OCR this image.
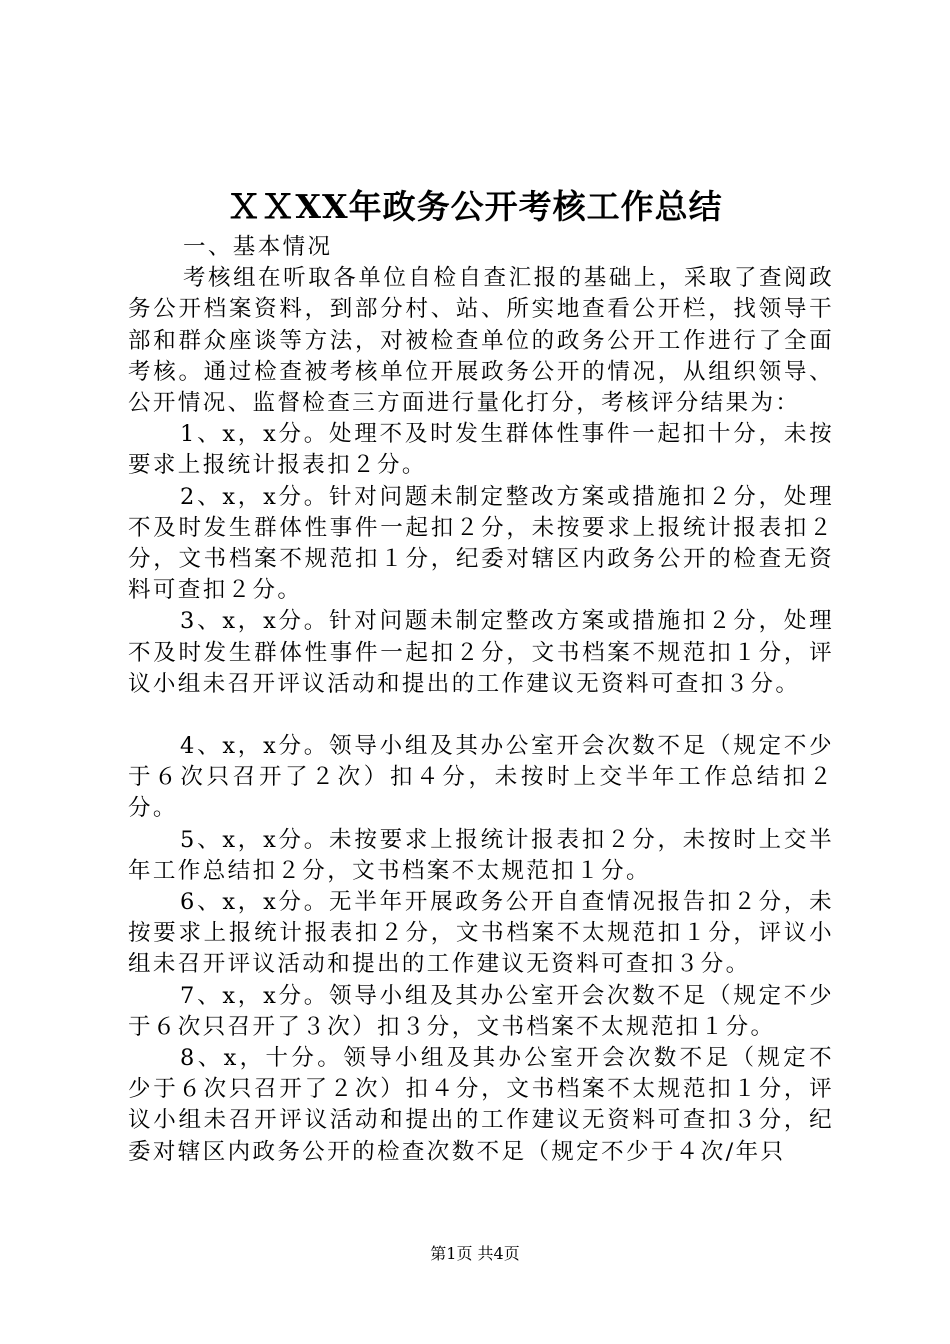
ＸＸXX年政务公开考核工作总结

一、基本情况

考核组在听取各单位自检自查汇报的基础上，采取了查阅政务公开档案资料，到部分村、站、所实地查看公开栏，找领导干部和群众座谈等方法，对被检查单位的政务公开工作进行了全面考核。通过检查被考核单位开展政务公开的情况，从组织领导、公开情况、监督检查三方面进行量化打分，考核评分结果为：

1、x，x分。处理不及时发生群体性事件一起扣十分，未按要求上报统计报表扣２分。

2、x，x分。针对问题未制定整改方案或措施扣２分，处理不及时发生群体性事件一起扣２分，未按要求上报统计报表扣２分，文书档案不规范扣１分，纪委对辖区内政务公开的检查无资料可查扣２分。

3、x，x分。针对问题未制定整改方案或措施扣２分，处理不及时发生群体性事件一起扣２分，文书档案不规范扣１分，评议小组未召开评议活动和提出的工作建议无资料可查扣３分。

4、x，x分。领导小组及其办公室开会次数不足（规定不少于６次只召开了２次）扣４分，未按时上交半年工作总结扣２分。

5、x，x分。未按要求上报统计报表扣２分，未按时上交半年工作总结扣２分，文书档案不太规范扣１分。

6、x，x分。无半年开展政务公开自查情况报告扣２分，未按要求上报统计报表扣２分，文书档案不太规范扣１分，评议小组未召开评议活动和提出的工作建议无资料可查扣３分。

7、x，x分。领导小组及其办公室开会次数不足（规定不少于６次只召开了３次）扣３分，文书档案不太规范扣１分。

8、x，十分。领导小组及其办公室开会次数不足（规定不少于６次只召开了２次）扣４分，文书档案不太规范扣１分，评议小组未召开评议活动和提出的工作建议无资料可查扣３分，纪委对辖区内政务公开的检查次数不足（规定不少于４次/年只

第1页 共4页
